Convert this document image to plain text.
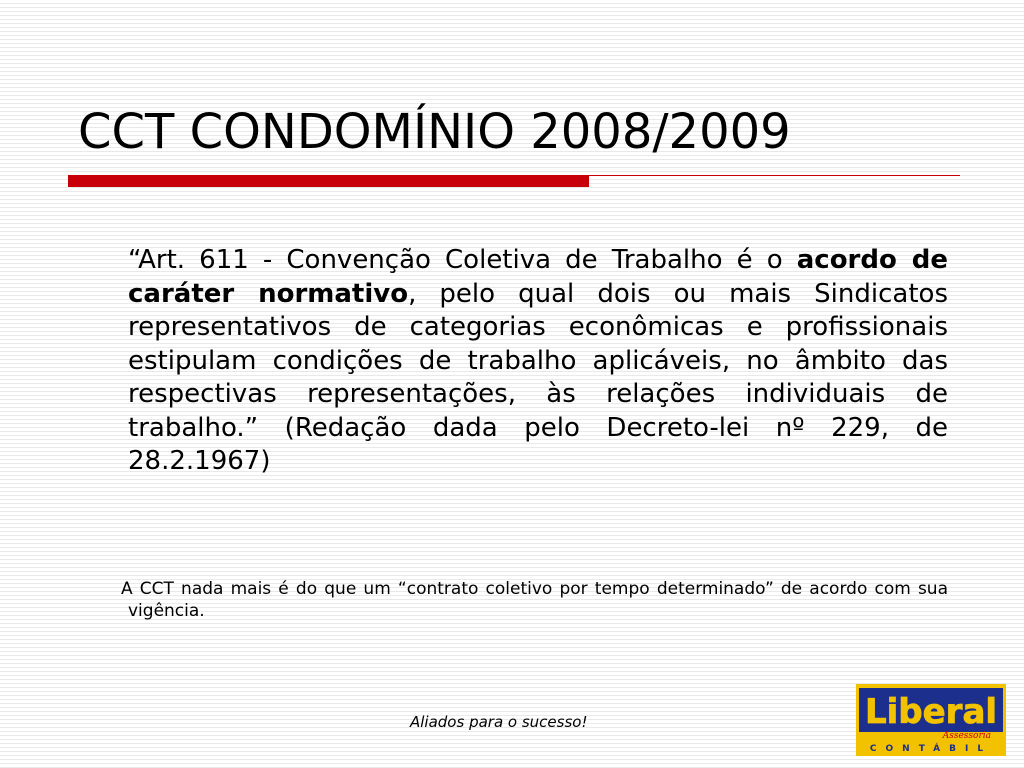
CCT CONDOMÍNIO 2008/2009

“Art. 611 - Convenção Coletiva de Trabalho é o acordo de caráter normativo, pelo qual dois ou mais Sindicatos representativos de categorias econômicas e profissionais estipulam condições de trabalho aplicáveis, no âmbito das respectivas representações, às relações individuais de trabalho.” (Redação dada pelo Decreto-lei nº 229, de 28.2.1967)

A CCT nada mais é do que um “contrato coletivo por tempo determinado” de acordo com sua vigência.

Aliados para o sucesso!	Liberal
Assessoria
CONTÁBIL
